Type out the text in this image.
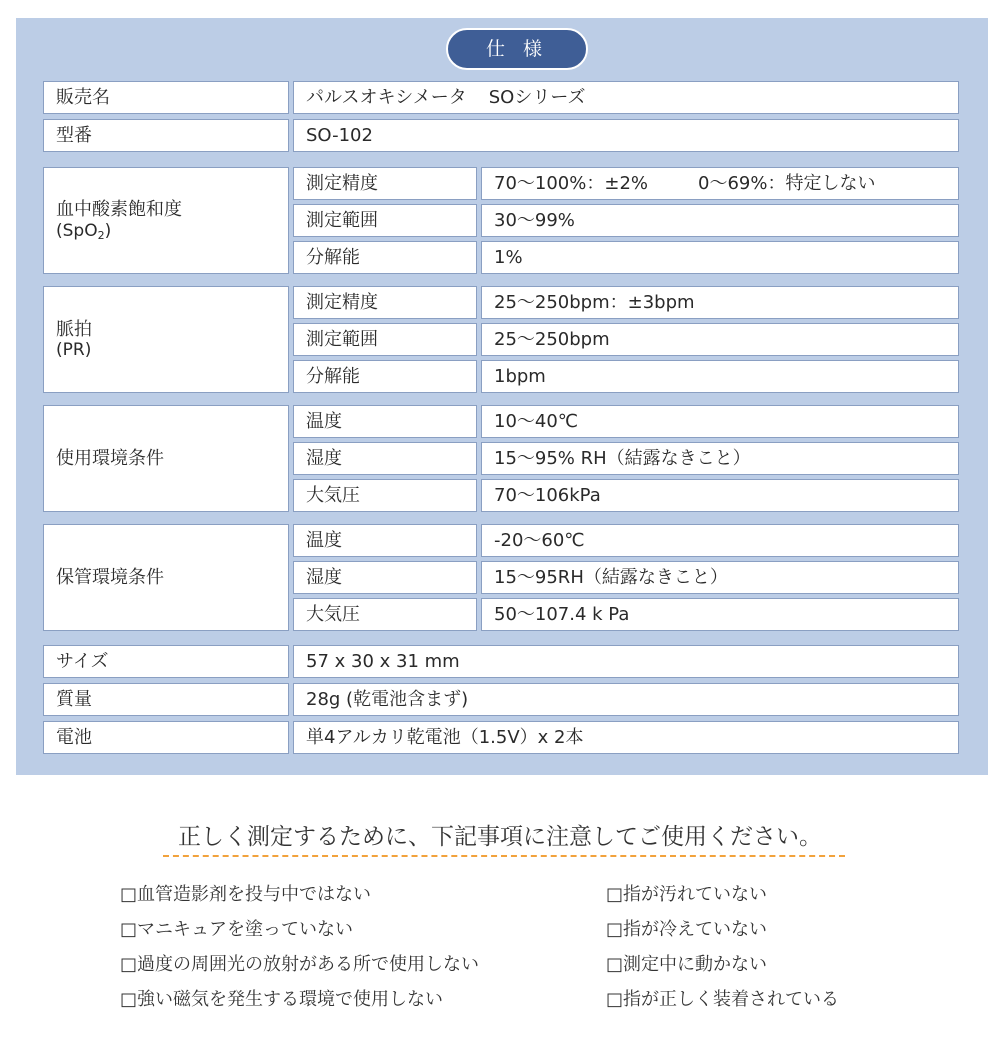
仕 様
販売名	パルスオキシメータ SOシリーズ
型番	SO-102
血中酸素飽和度
(SpO$_2$)
測定精度	70〜100%：±2%	0〜69%：特定しない
測定範囲	30〜99%
分解能	1%
脈拍
(PR)
測定精度	25〜250bpm：±3bpm
測定範囲	25〜250bpm
分解能	1bpm
使用環境条件
温度	10〜40℃
湿度	15〜95% RH（結露なきこと）
大気圧	70〜106kPa
保管環境条件
温度	-20〜60℃
湿度	15〜95RH（結露なきこと）
大気圧	50〜107.4 k Pa
サイズ	57 x 30 x 31 mm
質量	28g (乾電池含まず)
電池	単4アルカリ乾電池（1.5V）x 2本
正しく測定するために、下記事項に注意してご使用ください。
□血管造影剤を投与中ではない
□マニキュアを塗っていない
□過度の周囲光の放射がある所で使用しない
□強い磁気を発生する環境で使用しない
□指が汚れていない
□指が冷えていない
□測定中に動かない
□指が正しく装着されている
